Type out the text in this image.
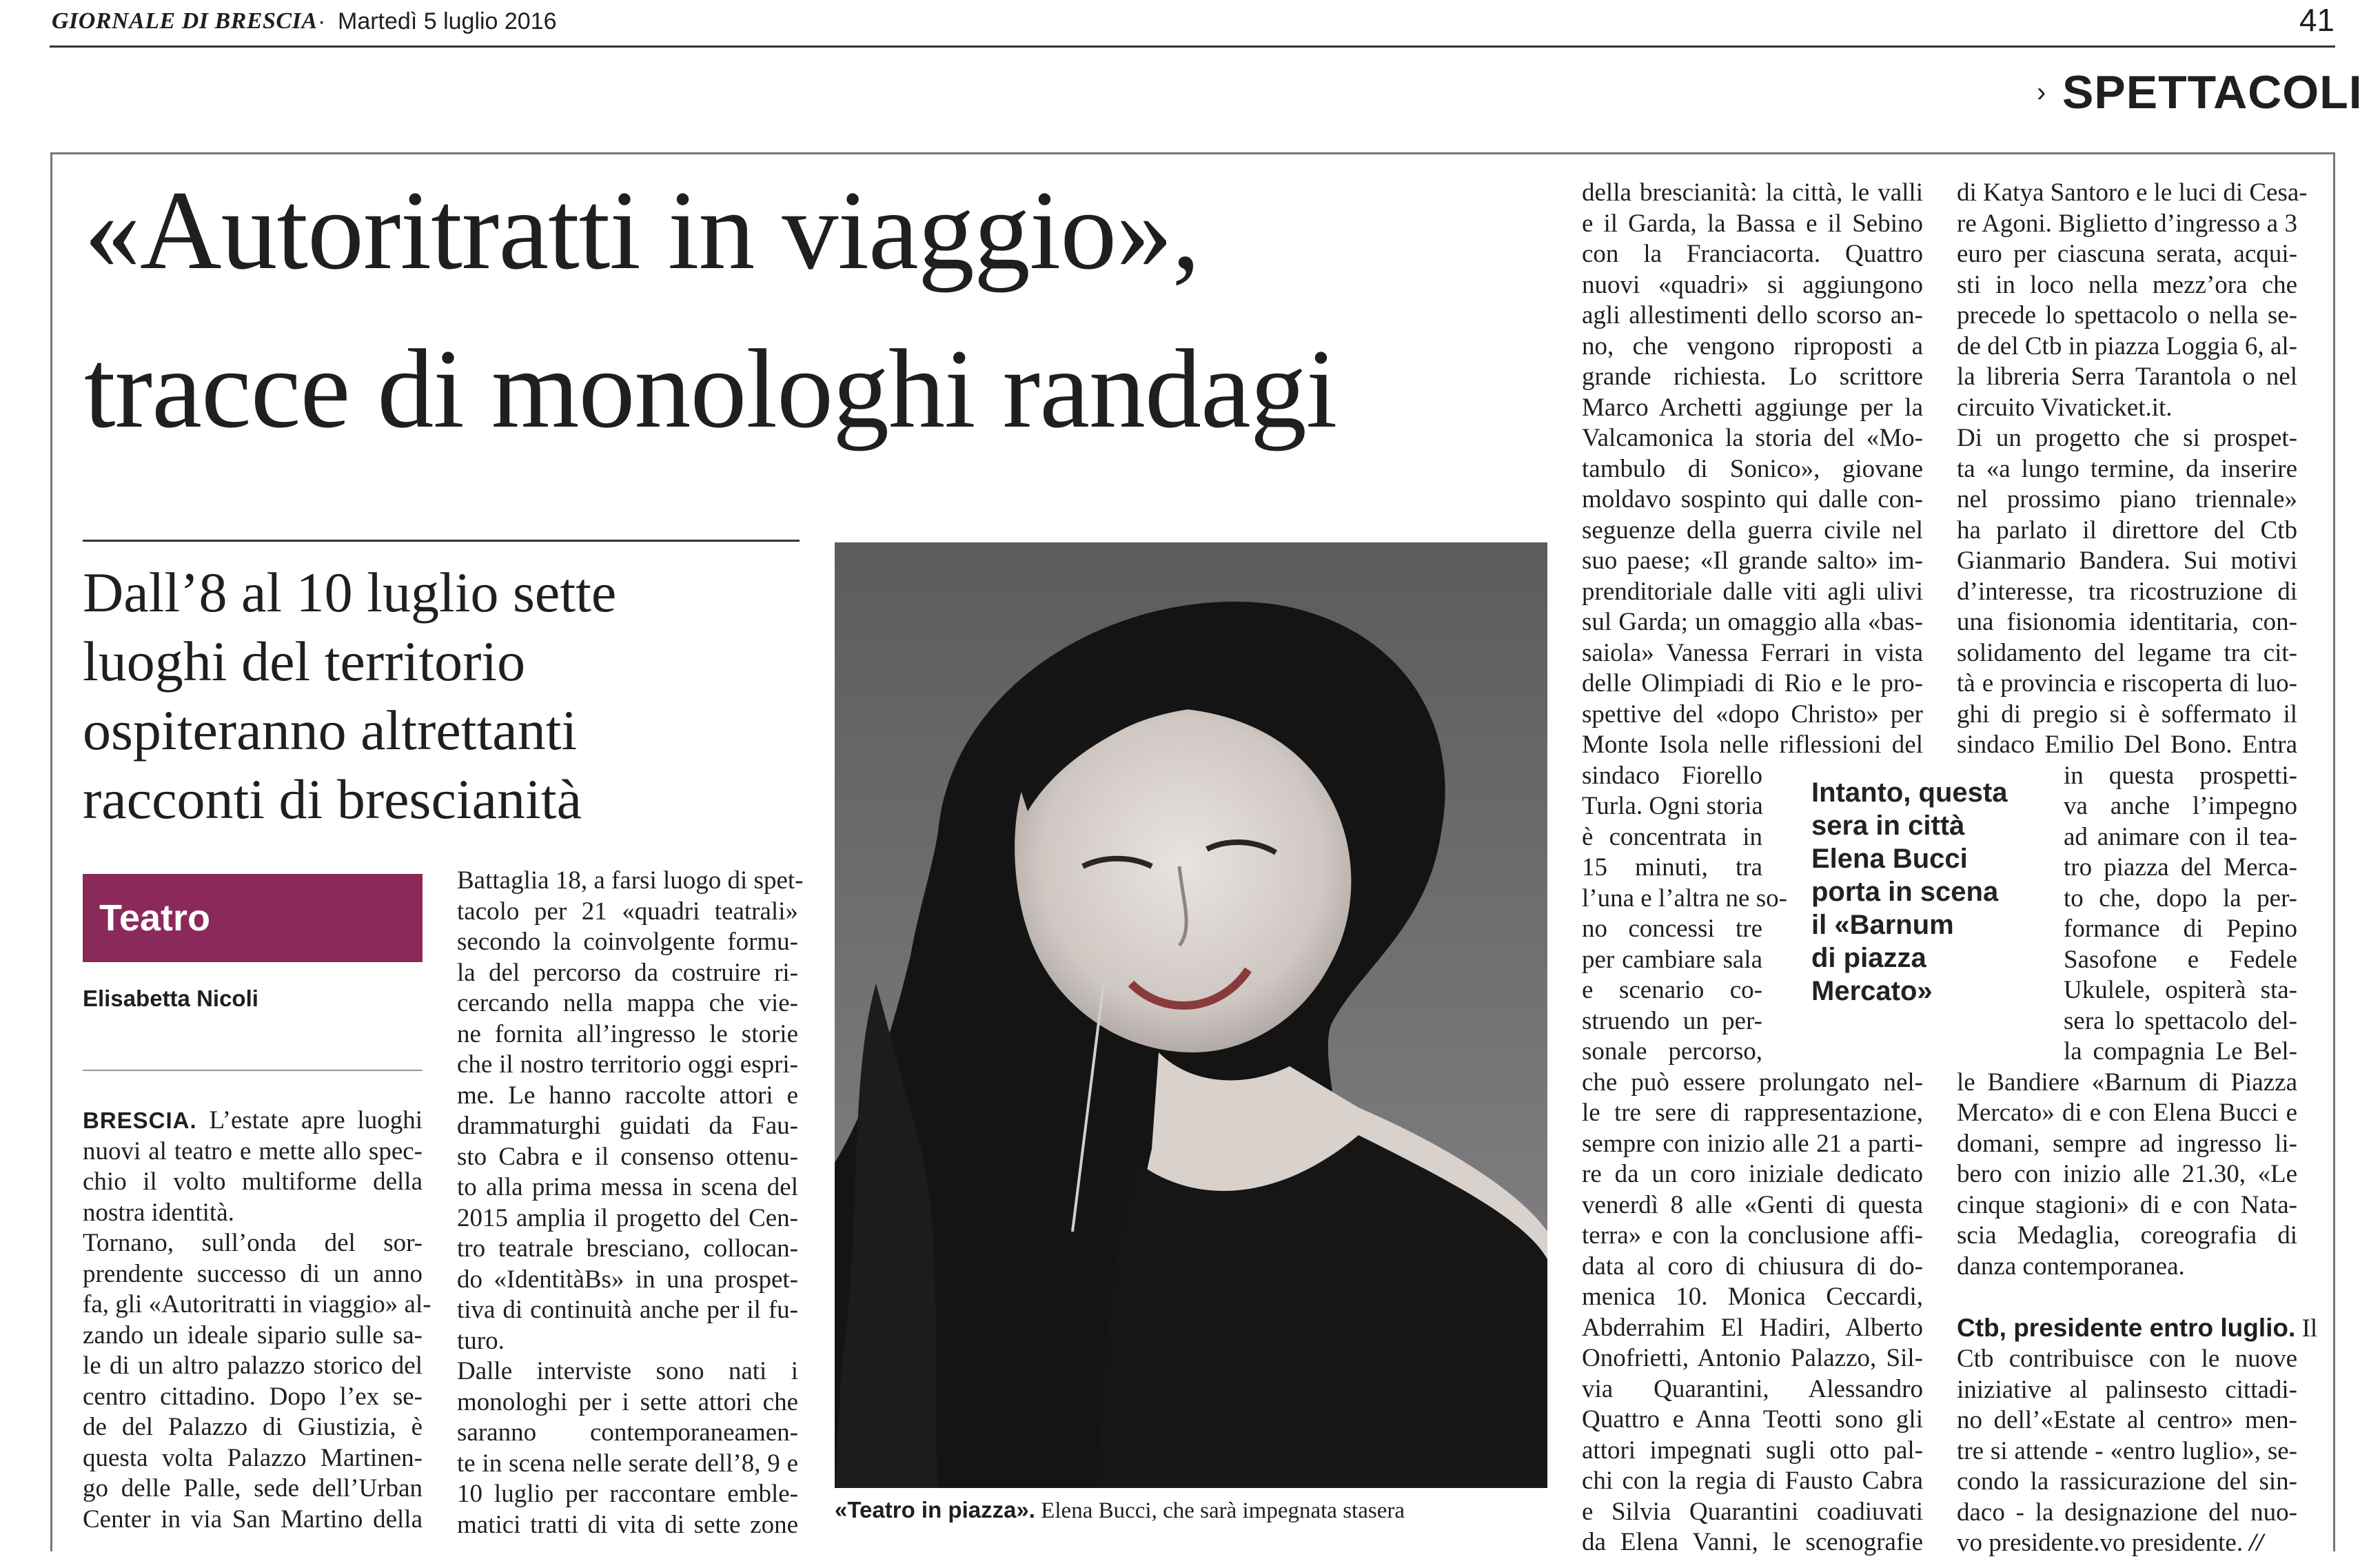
GIORNALE DI BRESCIA · Martedì 5 luglio 2016	41
› SPETTACOLI
«Autoritratti in viaggio»,
tracce di monologhi randagi
Dall’8 al 10 luglio sette
luoghi del territorio
ospiteranno altrettanti
racconti di brescianità
Teatro
Elisabetta Nicoli
BRESCIA. L’estate apre luoghi
nuovi al teatro e mette allo spec-
chio il volto multiforme della
nostra identità.
Tornano, sull’onda del sor-
prendente successo di un anno
fa, gli «Autoritratti in viaggio» al-
zando un ideale sipario sulle sa-
le di un altro palazzo storico del
centro cittadino. Dopo l’ex se-
de del Palazzo di Giustizia, è
questa volta Palazzo Martinen-
go delle Palle, sede dell’Urban
Center in via San Martino della
Battaglia 18, a farsi luogo di spet-
tacolo per 21 «quadri teatrali»
secondo la coinvolgente formu-
la del percorso da costruire ri-
cercando nella mappa che vie-
ne fornita all’ingresso le storie
che il nostro territorio oggi espri-
me. Le hanno raccolte attori e
drammaturghi guidati da Fau-
sto Cabra e il consenso ottenu-
to alla prima messa in scena del
2015 amplia il progetto del Cen-
tro teatrale bresciano, collocan-
do «IdentitàBs» in una prospet-
tiva di continuità anche per il fu-
turo.
Dalle interviste sono nati i
monologhi per i sette attori che
saranno contemporaneamen-
te in scena nelle serate dell’8, 9 e
10 luglio per raccontare emble-
matici tratti di vita di sette zone
della brescianità: la città, le valli
e il Garda, la Bassa e il Sebino
con la Franciacorta. Quattro
nuovi «quadri» si aggiungono
agli allestimenti dello scorso an-
no, che vengono riproposti a
grande richiesta. Lo scrittore
Marco Archetti aggiunge per la
Valcamonica la storia del «Mo-
tambulo di Sonico», giovane
moldavo sospinto qui dalle con-
seguenze della guerra civile nel
suo paese; «Il grande salto» im-
prenditoriale dalle viti agli ulivi
sul Garda; un omaggio alla «bas-
saiola» Vanessa Ferrari in vista
delle Olimpiadi di Rio e le pro-
spettive del «dopo Christo» per
Monte Isola nelle riflessioni del
sindaco Fiorello
Turla. Ogni storia
è concentrata in
15 minuti, tra
l’una e l’altra ne so-
no concessi tre
per cambiare sala
e scenario co-
struendo un per-
sonale percorso,
che può essere prolungato nel-
le tre sere di rappresentazione,
sempre con inizio alle 21 a parti-
re da un coro iniziale dedicato
venerdì 8 alle «Genti di questa
terra» e con la conclusione affi-
data al coro di chiusura di do-
menica 10. Monica Ceccardi,
Abderrahim El Hadiri, Alberto
Onofrietti, Antonio Palazzo, Sil-
via Quarantini, Alessandro
Quattro e Anna Teotti sono gli
attori impegnati sugli otto pal-
chi con la regia di Fausto Cabra
e Silvia Quarantini coadiuvati
da Elena Vanni, le scenografie
di Katya Santoro e le luci di Cesa-
re Agoni. Biglietto d’ingresso a 3
euro per ciascuna serata, acqui-
sti in loco nella mezz’ora che
precede lo spettacolo o nella se-
de del Ctb in piazza Loggia 6, al-
la libreria Serra Tarantola o nel
circuito Vivaticket.it.
Di un progetto che si prospet-
ta «a lungo termine, da inserire
nel prossimo piano triennale»
ha parlato il direttore del Ctb
Gianmario Bandera. Sui motivi
d’interesse, tra ricostruzione di
una fisionomia identitaria, con-
solidamento del legame tra cit-
tà e provincia e riscoperta di luo-
ghi di pregio si è soffermato il
sindaco Emilio Del Bono. Entra
in questa prospetti-
va anche l’impegno
ad animare con il tea-
tro piazza del Merca-
to che, dopo la per-
formance di Pepino
Sasofone e Fedele
Ukulele, ospiterà sta-
sera lo spettacolo del-
la compagnia Le Bel-
le Bandiere «Barnum di Piazza
Mercato» di e con Elena Bucci e
domani, sempre ad ingresso li-
bero con inizio alle 21.30, «Le
cinque stagioni» di e con Nata-
scia Medaglia, coreografia di
danza contemporanea.
Ctb, presidente entro luglio. Il
Ctb contribuisce con le nuove
iniziative al palinsesto cittadi-
no dell’«Estate al centro» men-
tre si attende - «entro luglio», se-
condo la rassicurazione del sin-
daco - la designazione del nuo-
vo presidente.vo presidente. //
«Teatro in piazza». Elena Bucci, che sarà impegnata stasera
Intanto, questa
sera in città
Elena Bucci
porta in scena
il «Barnum
di piazza
Mercato»
